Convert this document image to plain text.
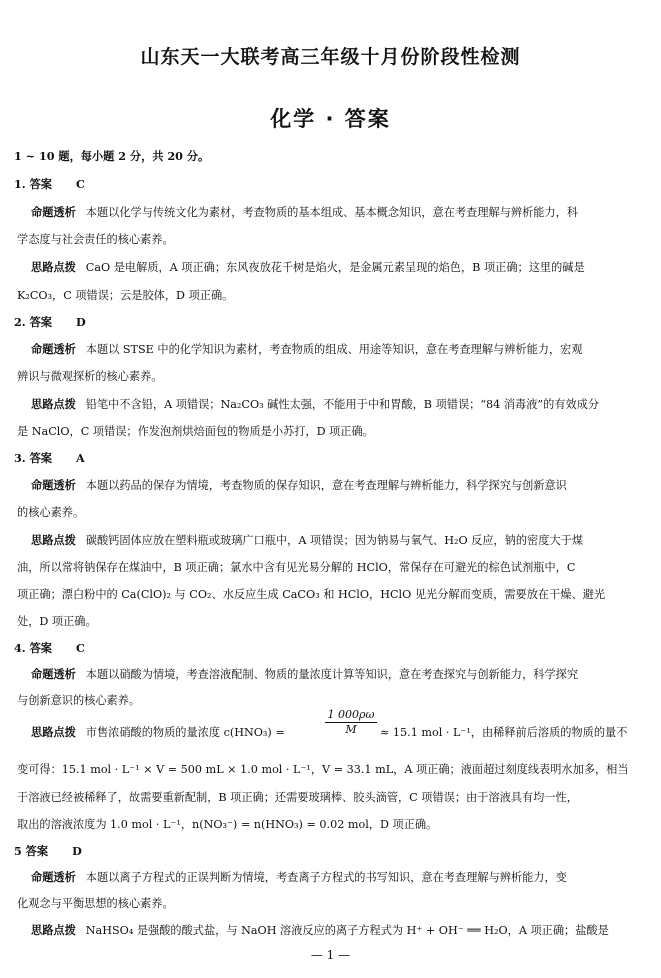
山东天一大联考高三年级十月份阶段性检测
化学 · 答案
1 ~ 10 题，每小题 2 分，共 20 分。
1. 答案 C
命题透析 本题以化学与传统文化为素材，考查物质的基本组成、基本概念知识，意在考查理解与辨析能力，科
学态度与社会责任的核心素养。
思路点拨 CaO 是电解质，A 项正确；东风夜放花千树是焰火，是金属元素呈现的焰色，B 项正确；这里的碱是
K₂CO₃，C 项错误；云是胶体，D 项正确。
2. 答案 D
命题透析 本题以 STSE 中的化学知识为素材，考查物质的组成、用途等知识，意在考查理解与辨析能力，宏观
辨识与微观探析的核心素养。
思路点拨 铅笔中不含铅，A 项错误；Na₂CO₃ 碱性太强，不能用于中和胃酸，B 项错误；“84 消毒液”的有效成分
是 NaClO，C 项错误；作发泡剂烘焙面包的物质是小苏打，D 项正确。
3. 答案 A
命题透析 本题以药品的保存为情境，考查物质的保存知识，意在考查理解与辨析能力，科学探究与创新意识
的核心素养。
思路点拨 碳酸钙固体应放在塑料瓶或玻璃广口瓶中，A 项错误；因为钠易与氧气、H₂O 反应，钠的密度大于煤
油，所以常将钠保存在煤油中，B 项正确；氯水中含有见光易分解的 HClO，常保存在可避光的棕色试剂瓶中，C
项正确；漂白粉中的 Ca(ClO)₂ 与 CO₂、水反应生成 CaCO₃ 和 HClO，HClO 见光分解而变质，需要放在干燥、避光
处，D 项正确。
4. 答案 C
命题透析 本题以硝酸为情境，考查溶液配制、物质的量浓度计算等知识，意在考查探究与创新能力，科学探究
与创新意识的核心素养。
思路点拨 市售浓硝酸的物质的量浓度 c(HNO₃) =	$\frac{1 000\rho\omega}{M} \approx 15.1$ mol · L⁻¹，由稀释前后溶质的物质的量不
变可得：15.1 mol · L⁻¹ × V = 500 mL × 1.0 mol · L⁻¹，V = 33.1 mL，A 项正确；液面超过刻度线表明水加多，相当
于溶液已经被稀释了，故需要重新配制，B 项正确；还需要玻璃棒、胶头滴管，C 项错误；由于溶液具有均一性，
取出的溶液浓度为 1.0 mol · L⁻¹，n(NO₃⁻) = n(HNO₃) = 0.02 mol，D 项正确。
5 答案 D
命题透析 本题以离子方程式的正误判断为情境，考查离子方程式的书写知识，意在考查理解与辨析能力，变
化观念与平衡思想的核心素养。
思路点拨 NaHSO₄ 是强酸的酸式盐，与 NaOH 溶液反应的离子方程式为 H⁺ + OH⁻ ══ H₂O，A 项正确；盐酸是
— 1 —
